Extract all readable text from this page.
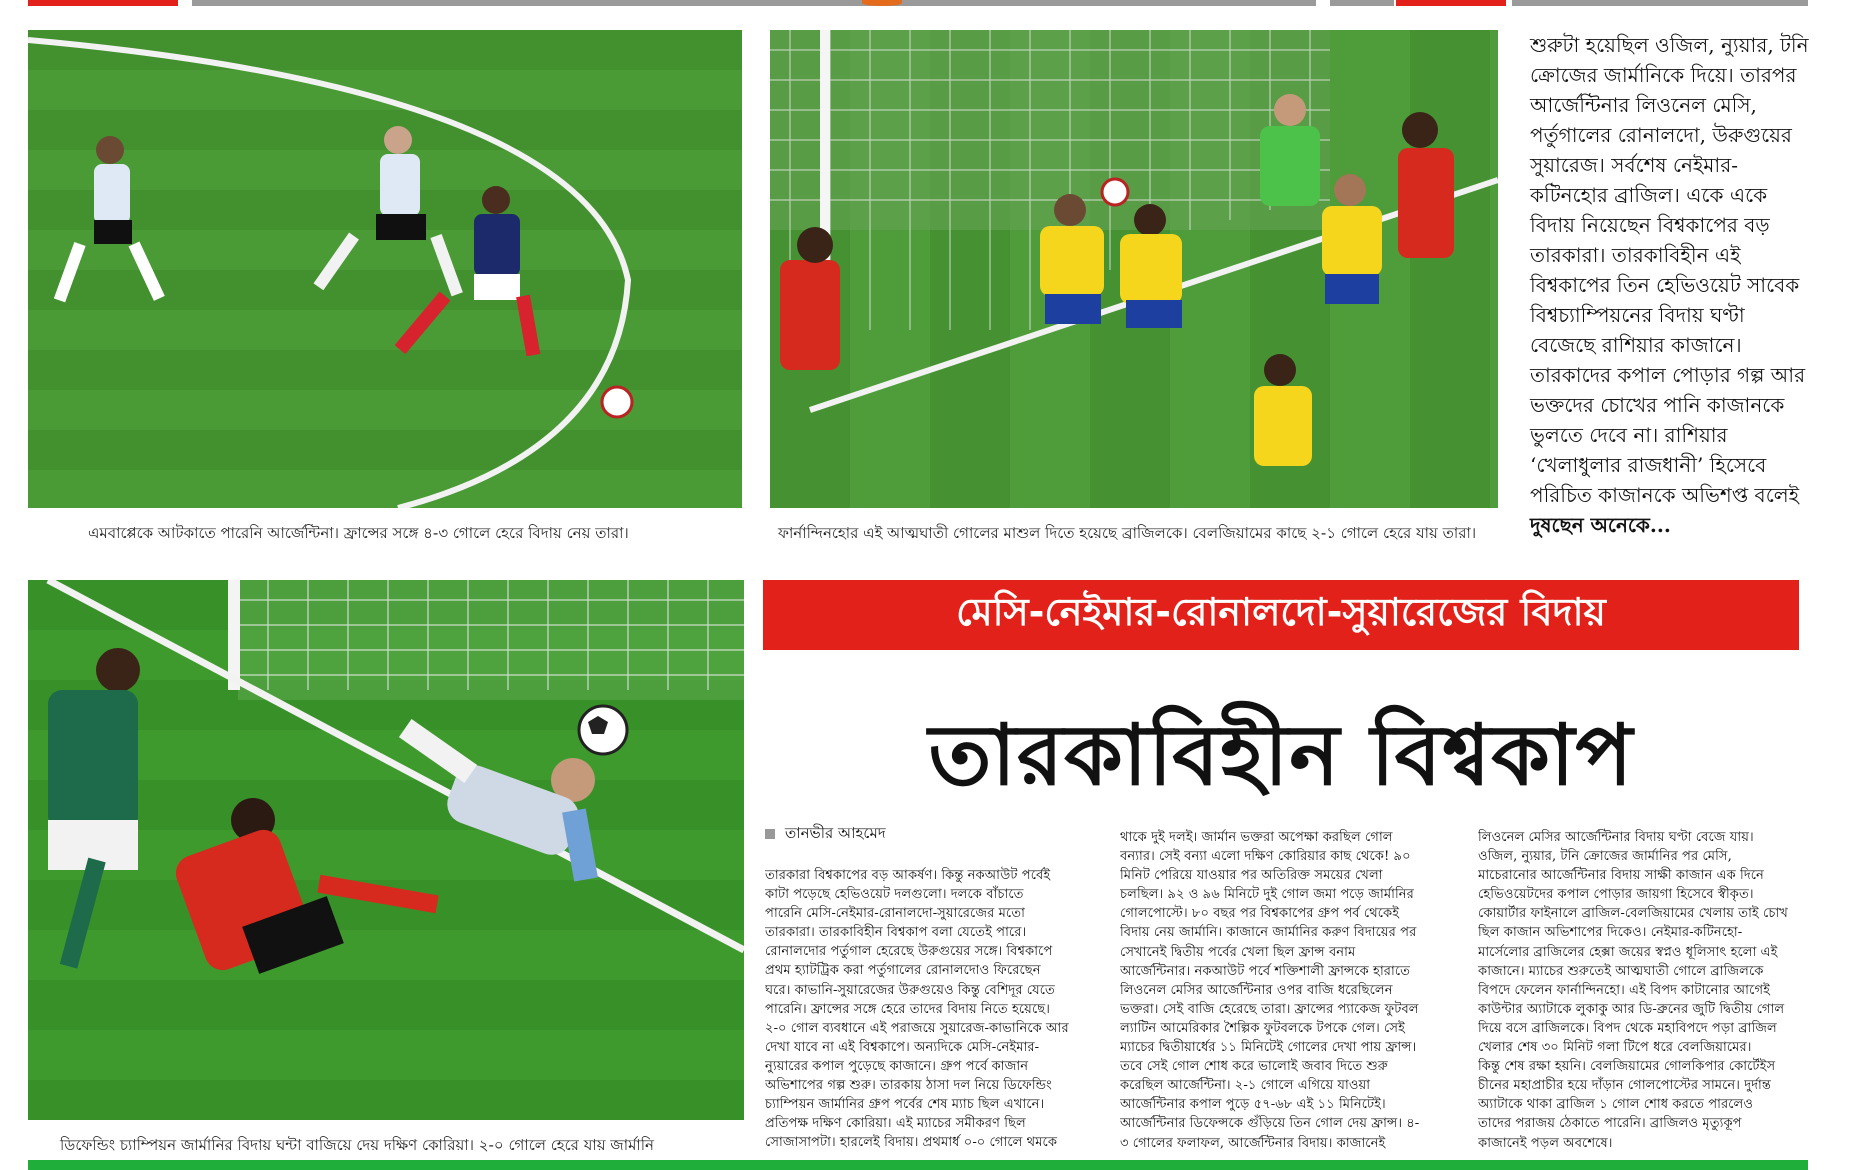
এমবাপ্পেকে আটকাতে পারেনি আর্জেন্টিনা। ফ্রান্সের সঙ্গে ৪-৩ গোলে হেরে বিদায় নেয় তারা।	ফার্নান্দিনহোর এই আত্মঘাতী গোলের মাশুল দিতে হয়েছে ব্রাজিলকে। বেলজিয়ামের কাছে ২-১ গোলে হেরে যায় তারা।
শুরুটা হয়েছিল ওজিল, ন্যুয়ার, টনি
ক্রোজের জার্মানিকে দিয়ে। তারপর
আর্জেন্টিনার লিওনেল মেসি,
পর্তুগালের রোনালদো, উরুগুয়ের
সুয়ারেজ। সর্বশেষ নেইমার-
কটিনহোর ব্রাজিল। একে একে
বিদায় নিয়েছেন বিশ্বকাপের বড়
তারকারা। তারকাবিহীন এই
বিশ্বকাপের তিন হেভিওয়েট সাবেক
বিশ্বচ্যাম্পিয়নের বিদায় ঘণ্টা
বেজেছে রাশিয়ার কাজানে।
তারকাদের কপাল পোড়ার গল্প আর
ভক্তদের চোখের পানি কাজানকে
ভুলতে দেবে না। রাশিয়ার
‘খেলাধুলার রাজধানী’ হিসেবে
পরিচিত কাজানকে অভিশপ্ত বলেই
দুষছেন অনেকে...
ডিফেন্ডিং চ্যাম্পিয়ন জার্মানির বিদায় ঘন্টা বাজিয়ে দেয় দক্ষিণ কোরিয়া। ২-০ গোলে হেরে যায় জার্মানি
মেসি-নেইমার-রোনালদো-সুয়ারেজের বিদায়
তারকাবিহীন বিশ্বকাপ
তানভীর আহমেদ
তারকারা বিশ্বকাপের বড় আকর্ষণ। কিন্তু নকআউট পর্বেই
কাটা পড়েছে হেভিওয়েট দলগুলো। দলকে বাঁচাতে
পারেনি মেসি-নেইমার-রোনালদো-সুয়ারেজের মতো
তারকারা। তারকাবিহীন বিশ্বকাপ বলা যেতেই পারে।
রোনালদোর পর্তুগাল হেরেছে উরুগুয়ের সঙ্গে। বিশ্বকাপে
প্রথম হ্যাটট্রিক করা পর্তুগালের রোনালদোও ফিরেছেন
ঘরে। কাভানি-সুয়ারেজের উরুগুয়েও কিন্তু বেশিদূর যেতে
পারেনি। ফ্রান্সের সঙ্গে হেরে তাদের বিদায় নিতে হয়েছে।
২-০ গোল ব্যবধানে এই পরাজয়ে সুয়ারেজ-কাভানিকে আর
দেখা যাবে না এই বিশ্বকাপে। অন্যদিকে মেসি-নেইমার-
ন্যুয়ারের কপাল পুড়েছে কাজানে। গ্রুপ পর্বে কাজান
অভিশাপের গল্প শুরু। তারকায় ঠাসা দল নিয়ে ডিফেন্ডিং
চ্যাম্পিয়ন জার্মানির গ্রুপ পর্বের শেষ ম্যাচ ছিল এখানে।
প্রতিপক্ষ দক্ষিণ কোরিয়া। এই ম্যাচের সমীকরণ ছিল
সোজাসাপটা। হারলেই বিদায়। প্রথমার্ধ ০-০ গোলে থমকে
থাকে দুই দলই। জার্মান ভক্তরা অপেক্ষা করছিল গোল
বন্যার। সেই বন্যা এলো দক্ষিণ কোরিয়ার কাছ থেকে! ৯০
মিনিট পেরিয়ে যাওয়ার পর অতিরিক্ত সময়ের খেলা
চলছিল। ৯২ ও ৯৬ মিনিটে দুই গোল জমা পড়ে জার্মানির
গোলপোস্টে। ৮০ বছর পর বিশ্বকাপের গ্রুপ পর্ব থেকেই
বিদায় নেয় জার্মানি। কাজানে জার্মানির করুণ বিদায়ের পর
সেখানেই দ্বিতীয় পর্বের খেলা ছিল ফ্রান্স বনাম
আর্জেন্টিনার। নকআউট পর্বে শক্তিশালী ফ্রান্সকে হারাতে
লিওনেল মেসির আর্জেন্টিনার ওপর বাজি ধরেছিলেন
ভক্তরা। সেই বাজি হেরেছে তারা। ফ্রান্সের প্যাকেজ ফুটবল
ল্যাটিন আমেরিকার শৈল্পিক ফুটবলকে টপকে গেল। সেই
ম্যাচের দ্বিতীয়ার্ধের ১১ মিনিটেই গোলের দেখা পায় ফ্রান্স।
তবে সেই গোল শোধ করে ভালোই জবাব দিতে শুরু
করেছিল আর্জেন্টিনা। ২-১ গোলে এগিয়ে যাওয়া
আর্জেন্টিনার কপাল পুড়ে ৫৭-৬৮ এই ১১ মিনিটেই।
আর্জেন্টিনার ডিফেন্সকে গুঁড়িয়ে তিন গোল দেয় ফ্রান্স। ৪-
৩ গোলের ফলাফল, আর্জেন্টিনার বিদায়। কাজানেই
লিওনেল মেসির আর্জেন্টিনার বিদায় ঘণ্টা বেজে যায়।
ওজিল, ন্যুয়ার, টনি ক্রোজের জার্মানির পর মেসি,
মাচেরানোর আর্জেন্টিনার বিদায় সাক্ষী কাজান এক দিনে
হেভিওয়েটদের কপাল পোড়ার জায়গা হিসেবে স্বীকৃত।
কোয়ার্টার ফাইনালে ব্রাজিল-বেলজিয়ামের খেলায় তাই চোখ
ছিল কাজান অভিশাপের দিকেও। নেইমার-কটিনহো-
মার্সেলোর ব্রাজিলের হেক্সা জয়ের স্বপ্নও ধূলিসাৎ হলো এই
কাজানে। ম্যাচের শুরুতেই আত্মঘাতী গোলে ব্রাজিলকে
বিপদে ফেলেন ফার্নান্দিনহো। এই বিপদ কাটানোর আগেই
কাউন্টার অ্যাটাকে লুকাকু আর ডি-ব্রুনের জুটি দ্বিতীয় গোল
দিয়ে বসে ব্রাজিলকে। বিপদ থেকে মহাবিপদে পড়া ব্রাজিল
খেলার শেষ ৩০ মিনিট গলা টিপে ধরে বেলজিয়ামের।
কিন্তু শেষ রক্ষা হয়নি। বেলজিয়ামের গোলকিপার কোর্টেইস
চীনের মহাপ্রাচীর হয়ে দাঁড়ান গোলপোস্টের সামনে। দুর্দান্ত
অ্যাটাকে থাকা ব্রাজিল ১ গোল শোধ করতে পারলেও
তাদের পরাজয় ঠেকাতে পারেনি। ব্রাজিলও মৃত্যুকূপ
কাজানেই পড়ল অবশেষে।
